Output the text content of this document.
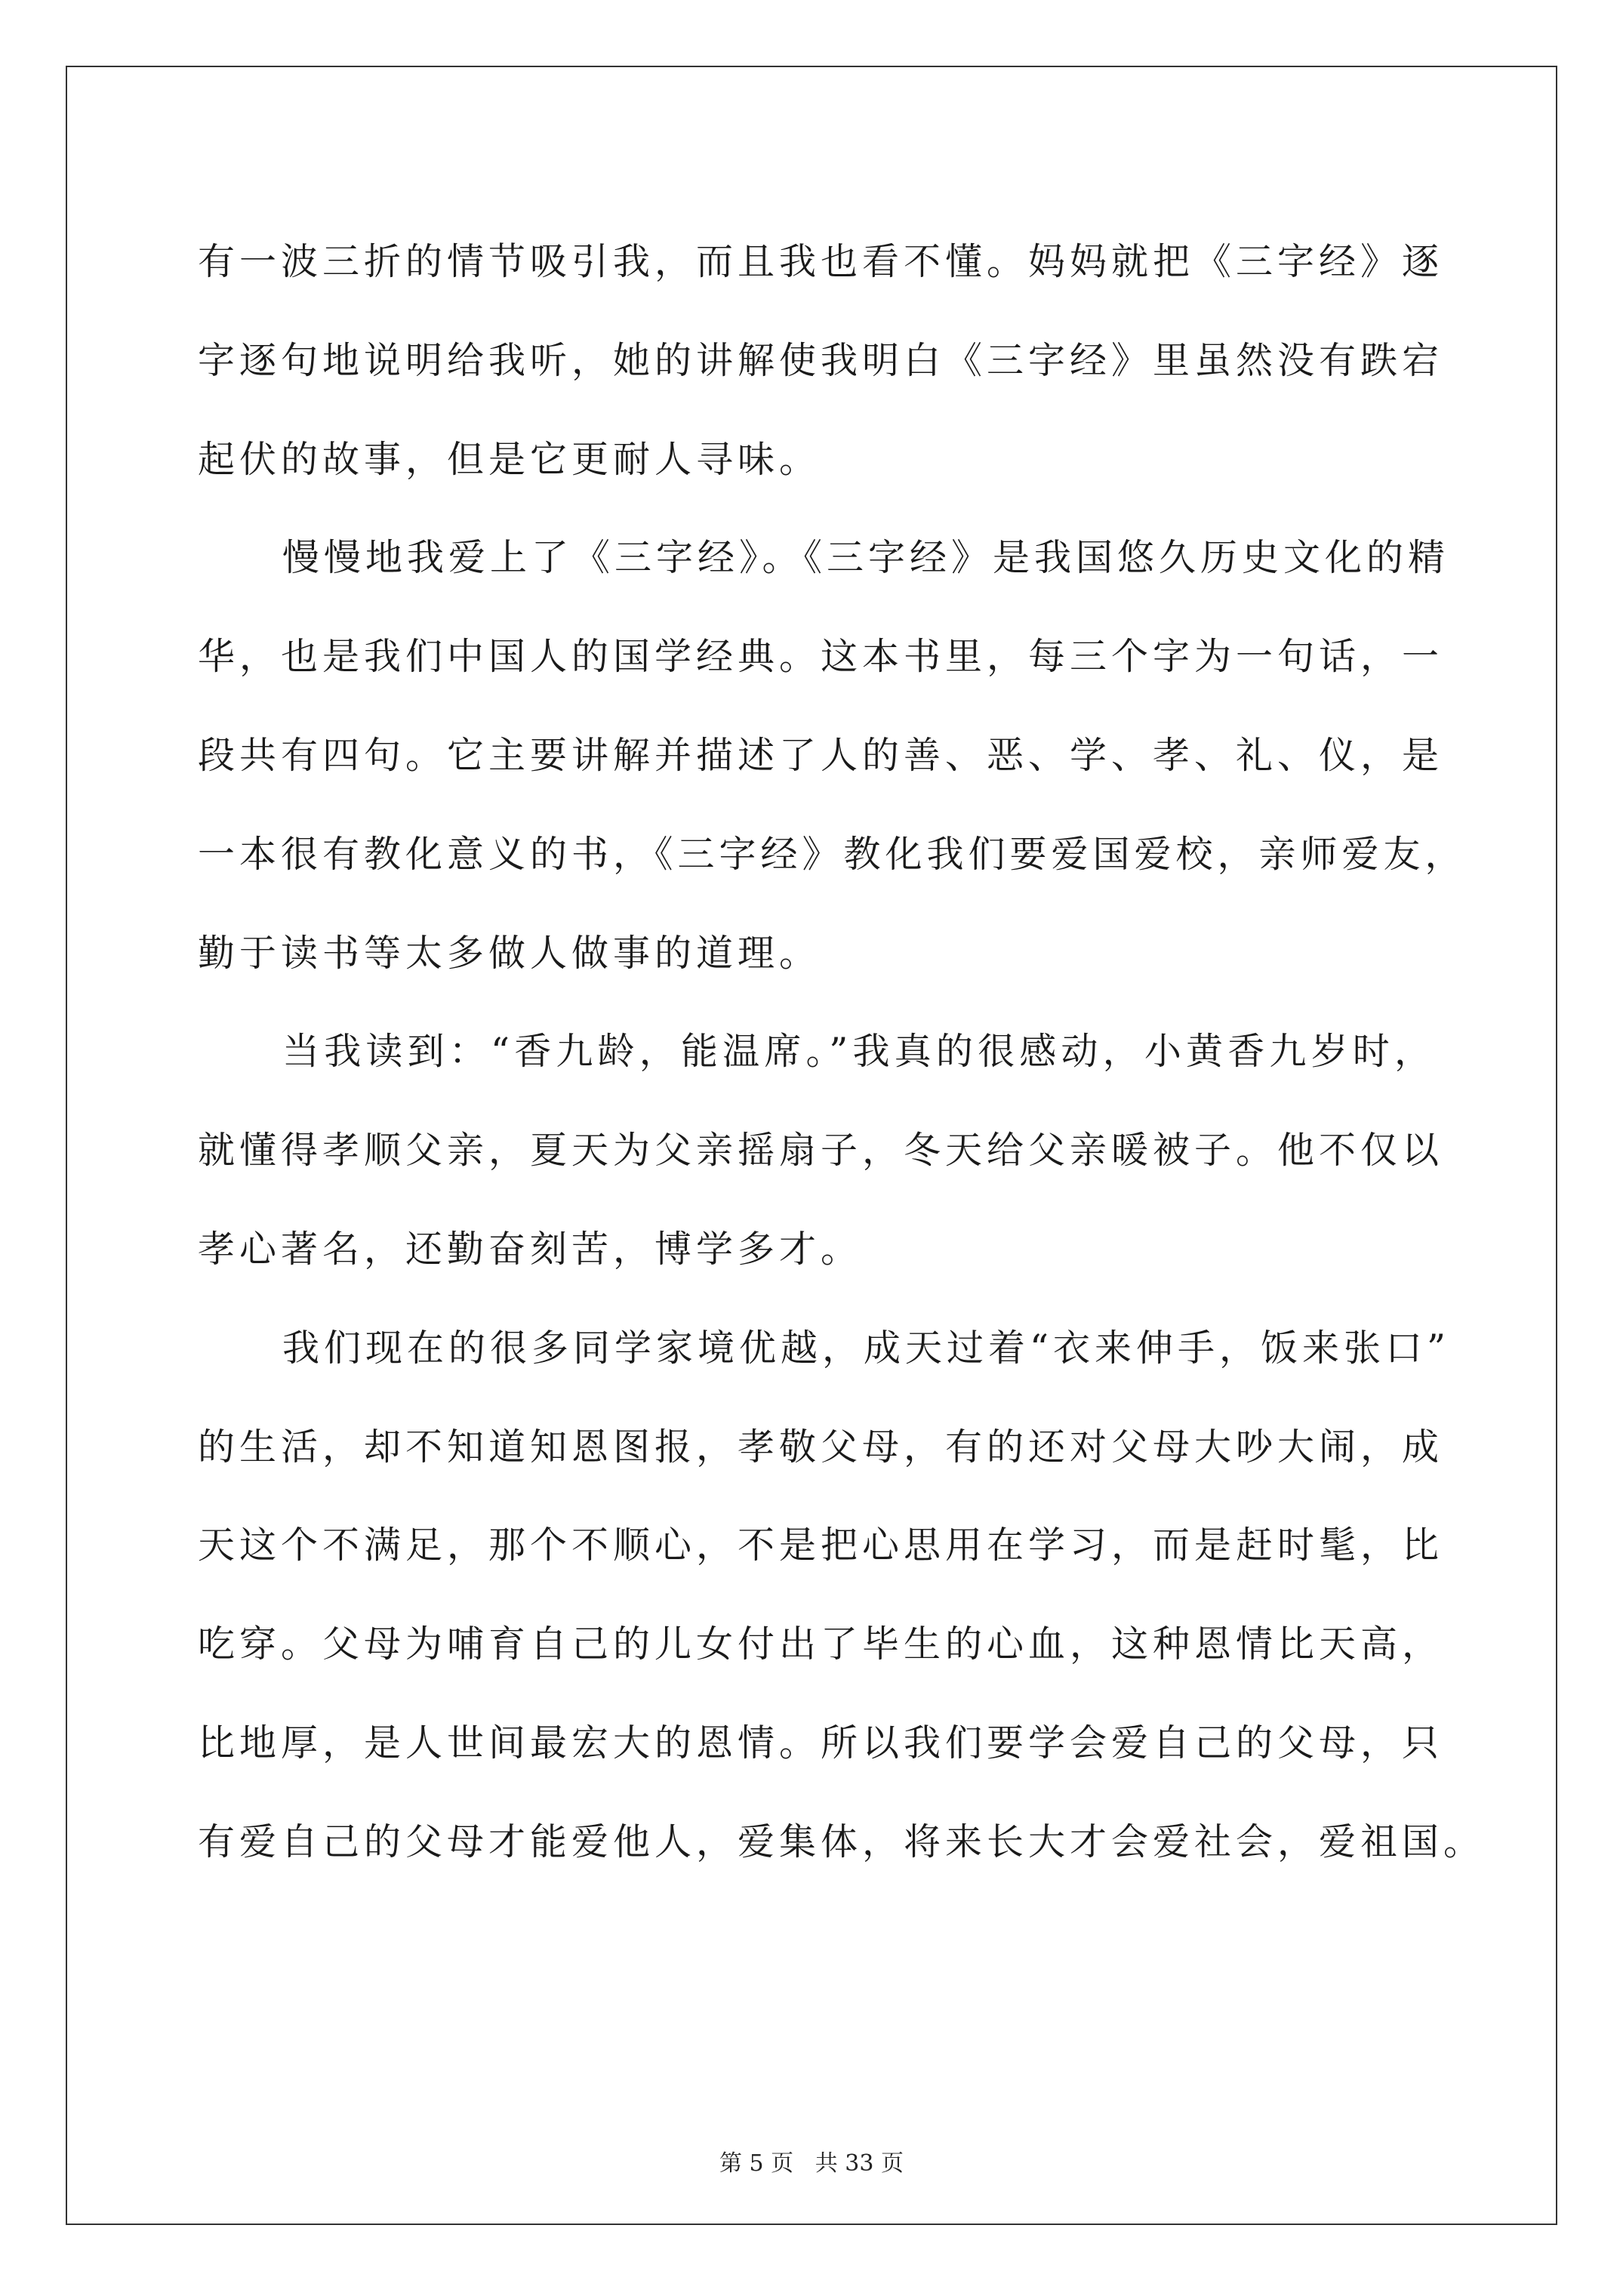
有一波三折的情节吸引我，而且我也看不懂。妈妈就把《三字经》逐
字逐句地说明给我听，她的讲解使我明白《三字经》里虽然没有跌宕
起伏的故事，但是它更耐人寻味。
慢慢地我爱上了《三字经》。《三字经》是我国悠久历史文化的精
华，也是我们中国人的国学经典。这本书里，每三个字为一句话，一
段共有四句。它主要讲解并描述了人的善、恶、学、孝、礼、仪，是
一本很有教化意义的书，《三字经》教化我们要爱国爱校，亲师爱友，
勤于读书等太多做人做事的道理。
当我读到：“香九龄，能温席。”我真的很感动，小黄香九岁时，
就懂得孝顺父亲，夏天为父亲摇扇子，冬天给父亲暖被子。他不仅以
孝心著名，还勤奋刻苦，博学多才。
我们现在的很多同学家境优越，成天过着“衣来伸手，饭来张口”
的生活，却不知道知恩图报，孝敬父母，有的还对父母大吵大闹，成
天这个不满足，那个不顺心，不是把心思用在学习，而是赶时髦，比
吃穿。父母为哺育自己的儿女付出了毕生的心血，这种恩情比天高，
比地厚，是人世间最宏大的恩情。所以我们要学会爱自己的父母，只
有爱自己的父母才能爱他人，爱集体，将来长大才会爱社会，爱祖国。
第 5 页 共 33 页
